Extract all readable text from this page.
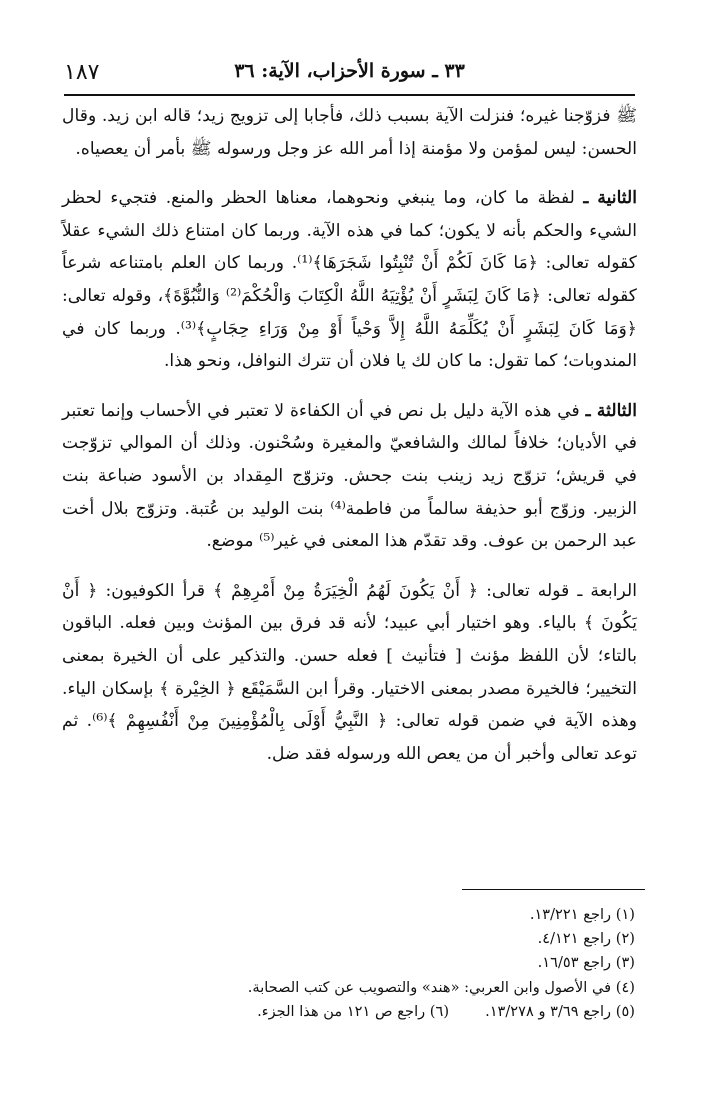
١٨٧	٣٣ ـ سورة الأحزاب، الآية: ٣٦

ﷺ فزوّجنا غيره؛ فنزلت الآية بسبب ذلك، فأجابا إلى تزويج زيد؛ قاله ابن زيد. وقال الحسن: ليس لمؤمن ولا مؤمنة إذا أمر الله عز وجل ورسوله ﷺ بأمر أن يعصياه.

الثانية ـ لفظة ما كان، وما ينبغي ونحوهما، معناها الحظر والمنع. فتجيء لحظر الشيء والحكم بأنه لا يكون؛ كما في هذه الآية. وربما كان امتناع ذلك الشيء عقلاً كقوله تعالى: ﴿مَا كَانَ لَكُمْ أَنْ تُنْبِتُوا شَجَرَهَا﴾⁽¹⁾. وربما كان العلم بامتناعه شرعاً كقوله تعالى: ﴿مَا كَانَ لِبَشَرٍ أَنْ يُؤْتِيَهُ اللَّهُ الْكِتَابَ وَالْحُكْمَ⁽²⁾ وَالنُّبُوَّةَ﴾، وقوله تعالى: ﴿وَمَا كَانَ لِبَشَرٍ أَنْ يُكَلِّمَهُ اللَّهُ إِلاَّ وَحْياً أَوْ مِنْ وَرَاءِ حِجَابٍ﴾⁽³⁾. وربما كان في المندوبات؛ كما تقول: ما كان لك يا فلان أن تترك النوافل، ونحو هذا.

الثالثة ـ في هذه الآية دليل بل نص في أن الكفاءة لا تعتبر في الأحساب وإنما تعتبر في الأديان؛ خلافاً لمالك والشافعيّ والمغيرة وسُحْنون. وذلك أن الموالي تزوّجت في قريش؛ تزوّج زيد زينب بنت جحش. وتزوّج المِقداد بن الأسود ضباعة بنت الزبير. وزوّج أبو حذيفة سالماً من فاطمة⁽⁴⁾ بنت الوليد بن عُتبة. وتزوّج بلال أخت عبد الرحمن بن عوف. وقد تقدّم هذا المعنى في غير⁽⁵⁾ موضع.

الرابعة ـ قوله تعالى: ﴿ أَنْ يَكُونَ لَهُمُ الْخِيَرَةُ مِنْ أَمْرِهِمْ ﴾ قرأ الكوفيون: ﴿ أَنْ يَكُونَ ﴾ بالياء. وهو اختيار أبي عبيد؛ لأنه قد فرق بين المؤنث وبين فعله. الباقون بالتاء؛ لأن اللفظ مؤنث [ فتأنيث ] فعله حسن. والتذكير على أن الخيرة بمعنى التخيير؛ فالخيرة مصدر بمعنى الاختيار. وقرأ ابن السَّمَيْقَع ﴿ الخِيْرة ﴾ بإسكان الياء. وهذه الآية في ضمن قوله تعالى: ﴿ النَّبِيُّ أَوْلَى بِالْمُؤْمِنِينَ مِنْ أَنْفُسِهِمْ ﴾⁽⁶⁾. ثم توعد تعالى وأخبر أن من يعص الله ورسوله فقد ضل.

(١) راجع ١٣/٢٢١.
(٢) راجع ٤/١٢١.
(٣) راجع ١٦/٥٣.
(٤) في الأصول وابن العربي: «هند» والتصويب عن كتب الصحابة.
(٥) راجع ٣/٦٩ و ١٣/٢٧٨.(٦) راجع ص ١٢١ من هذا الجزء.
